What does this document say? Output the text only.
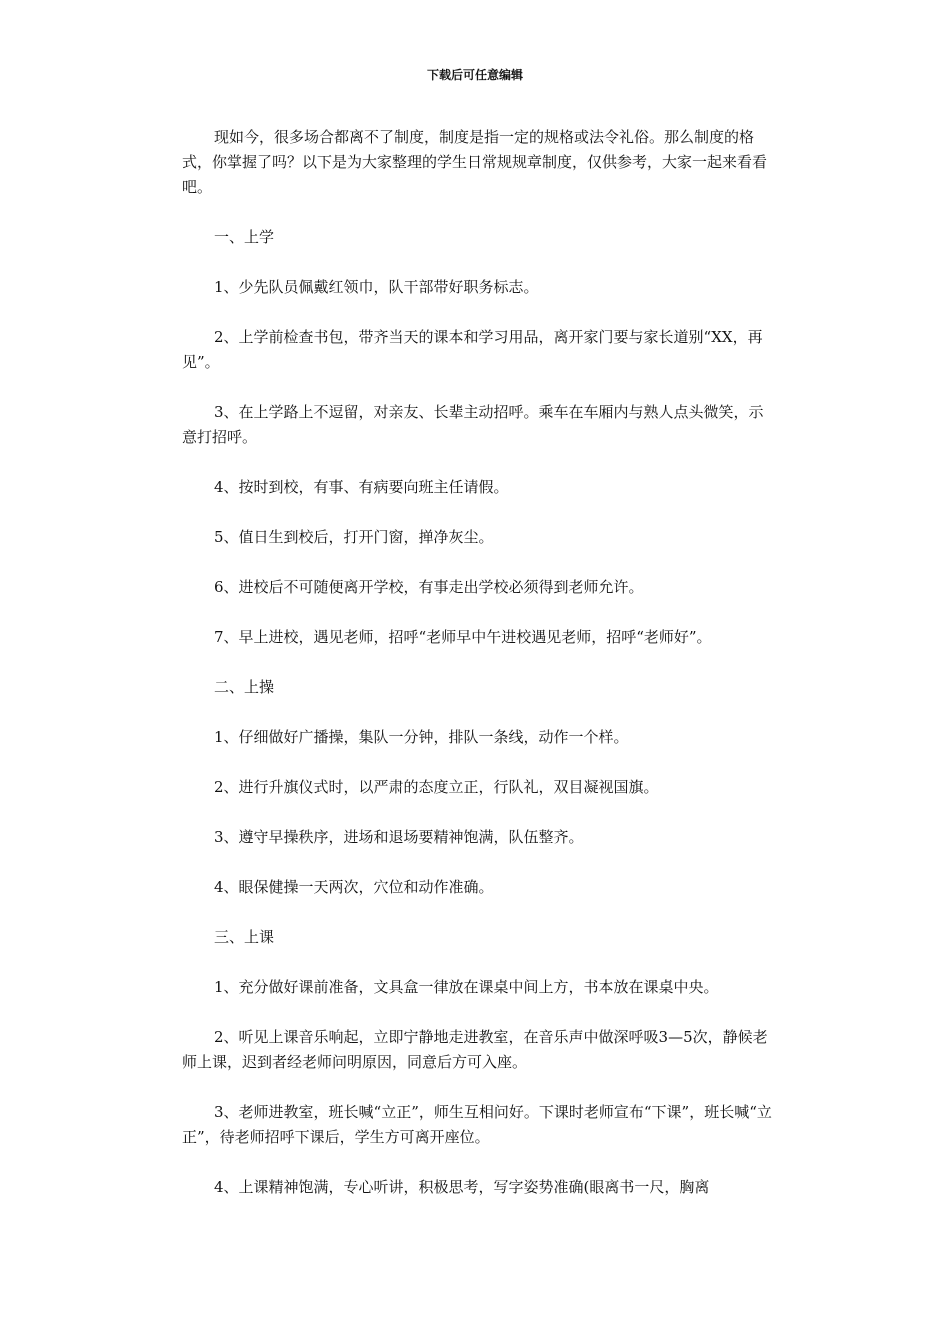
下载后可任意编辑

现如今，很多场合都离不了制度，制度是指一定的规格或法令礼俗。那么制度的格式，你掌握了吗？以下是为大家整理的学生日常规规章制度，仅供参考，大家一起来看看吧。

一、上学

1、少先队员佩戴红领巾，队干部带好职务标志。

2、上学前检查书包，带齐当天的课本和学习用品，离开家门要与家长道别“XX，再见”。

3、在上学路上不逗留，对亲友、长辈主动招呼。乘车在车厢内与熟人点头微笑，示意打招呼。

4、按时到校，有事、有病要向班主任请假。

5、值日生到校后，打开门窗，掸净灰尘。

6、进校后不可随便离开学校，有事走出学校必须得到老师允许。

7、早上进校，遇见老师，招呼“老师早中午进校遇见老师，招呼“老师好”。

二、上操

1、仔细做好广播操，集队一分钟，排队一条线，动作一个样。

2、进行升旗仪式时，以严肃的态度立正，行队礼，双目凝视国旗。

3、遵守早操秩序，进场和退场要精神饱满，队伍整齐。

4、眼保健操一天两次，穴位和动作准确。

三、上课

1、充分做好课前准备，文具盒一律放在课桌中间上方，书本放在课桌中央。

2、听见上课音乐响起，立即宁静地走进教室，在音乐声中做深呼吸3—5次，静候老师上课，迟到者经老师问明原因，同意后方可入座。

3、老师进教室，班长喊“立正”，师生互相问好。下课时老师宣布“下课”，班长喊“立正”，待老师招呼下课后，学生方可离开座位。

4、上课精神饱满，专心听讲，积极思考，写字姿势准确(眼离书一尺，胸离
